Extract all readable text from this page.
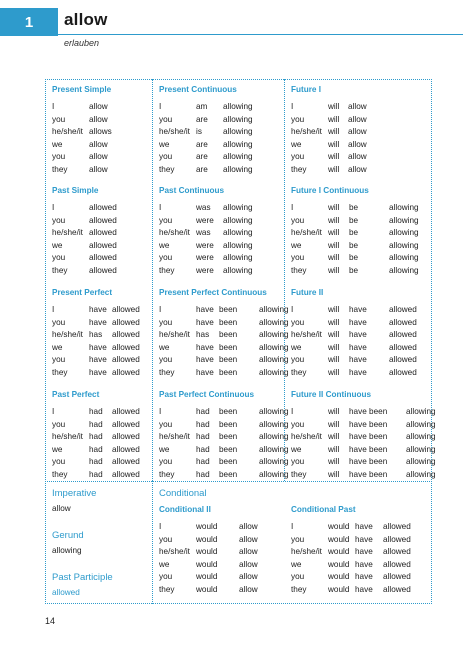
1	allow
erlauben
Present Simple
I	allow
you	allow
he/she/it allows
we	allow
you	allow
they	allow
Present Continuous
I	am	allowing
you	are	allowing
he/she/it is	allowing
we	are	allowing
you	are	allowing
they	are	allowing
Future I
I	will	allow
you	will	allow
he/she/it will	allow
we	will	allow
you	will	allow
they	will	allow
Past Simple
I	allowed
you	allowed
he/she/it allowed
we	allowed
you	allowed
they	allowed
Past Continuous
I	was	allowing
you	were	allowing
he/she/it was	allowing
we	were	allowing
you	were	allowing
they	were	allowing
Future I Continuous
I	will	be	allowing
you	will	be	allowing
he/she/it will	be	allowing
we	will	be	allowing
you	will	be	allowing
they	will	be	allowing
Present Perfect
I	have allowed
you	have allowed
he/she/it has	allowed
we	have allowed
you	have allowed
they	have allowed
Present Perfect Continuous
I	have been	allowing
you	have been	allowing
he/she/it has	been	allowing
we	have been	allowing
you	have been	allowing
they	have been	allowing
Future II
I	will	have	allowed
you	will	have	allowed
he/she/it will	have	allowed
we	will	have	allowed
you	will	have	allowed
they	will	have	allowed
Past Perfect
I	had	allowed
you	had	allowed
he/she/it had	allowed
we	had	allowed
you	had	allowed
they	had	allowed
Past Perfect Continuous
I	had	been	allowing
you	had	been	allowing
he/she/it had	been	allowing
we	had	been	allowing
you	had	been	allowing
they	had	been	allowing
Future II Continuous
I	will	have been	allowing
you	will	have been	allowing
he/she/it will	have been	allowing
we	will	have been	allowing
you	will	have been	allowing
they	will	have been	allowing
Imperative
allow
Gerund
allowing
Past Participle
allowed
Conditional
Conditional II
I	would	allow
you	would	allow
he/she/it would	allow
we	would	allow
you	would	allow
they	would	allow
Conditional Past
I	would have	allowed
you	would have	allowed
he/she/it would have	allowed
we	would have	allowed
you	would have	allowed
they	would have	allowed
14
